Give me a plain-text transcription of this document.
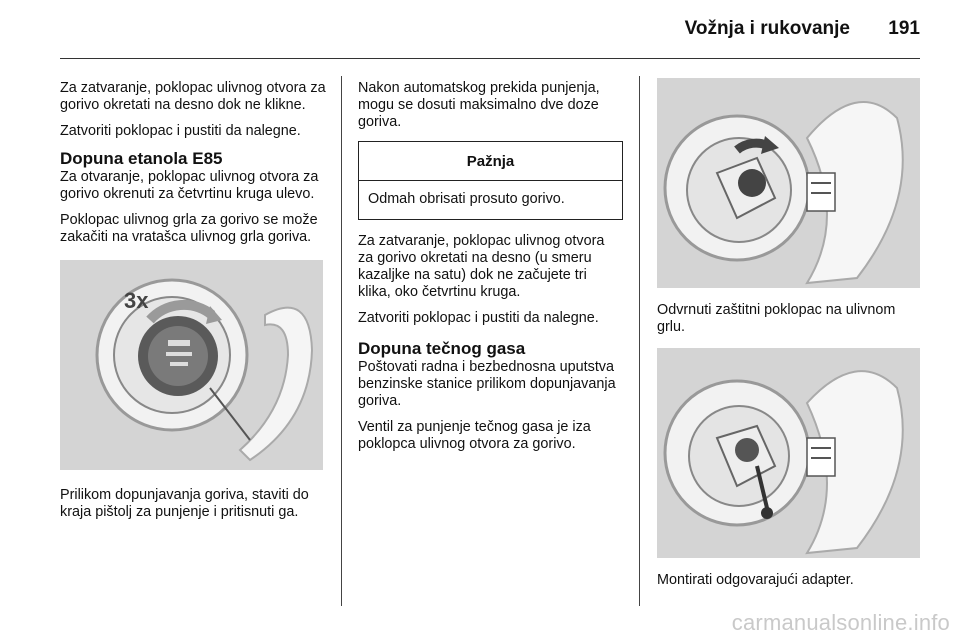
Vožnja i rukovanje	191

Za zatvaranje, poklopac ulivnog otvora za gorivo okretati na desno dok ne klikne.

Zatvoriti poklopac i pustiti da nalegne.

Dopuna etanola E85

Za otvaranje, poklopac ulivnog otvora za gorivo okrenuti za četvrtinu kruga ulevo.

Poklopac ulivnog grla za gorivo se može zakačiti na vratašca ulivnog grla goriva.

3x

Prilikom dopunjavanja goriva, staviti do kraja pištolj za punjenje i pritisnuti ga.

Nakon automatskog prekida punjenja, mogu se dosuti maksimalno dve doze goriva.

Pažnja
Odmah obrisati prosuto gorivo.

Za zatvaranje, poklopac ulivnog otvora za gorivo okretati na desno (u smeru kazaljke na satu) dok ne začujete tri klika, oko četvrtinu kruga.

Zatvoriti poklopac i pustiti da nalegne.

Dopuna tečnog gasa

Poštovati radna i bezbednosna uputstva benzinske stanice prilikom dopunjavanja goriva.

Ventil za punjenje tečnog gasa je iza poklopca ulivnog otvora za gorivo.

Odvrnuti zaštitni poklopac na ulivnom grlu.

Montirati odgovarajući adapter.

carmanualsonline.info
